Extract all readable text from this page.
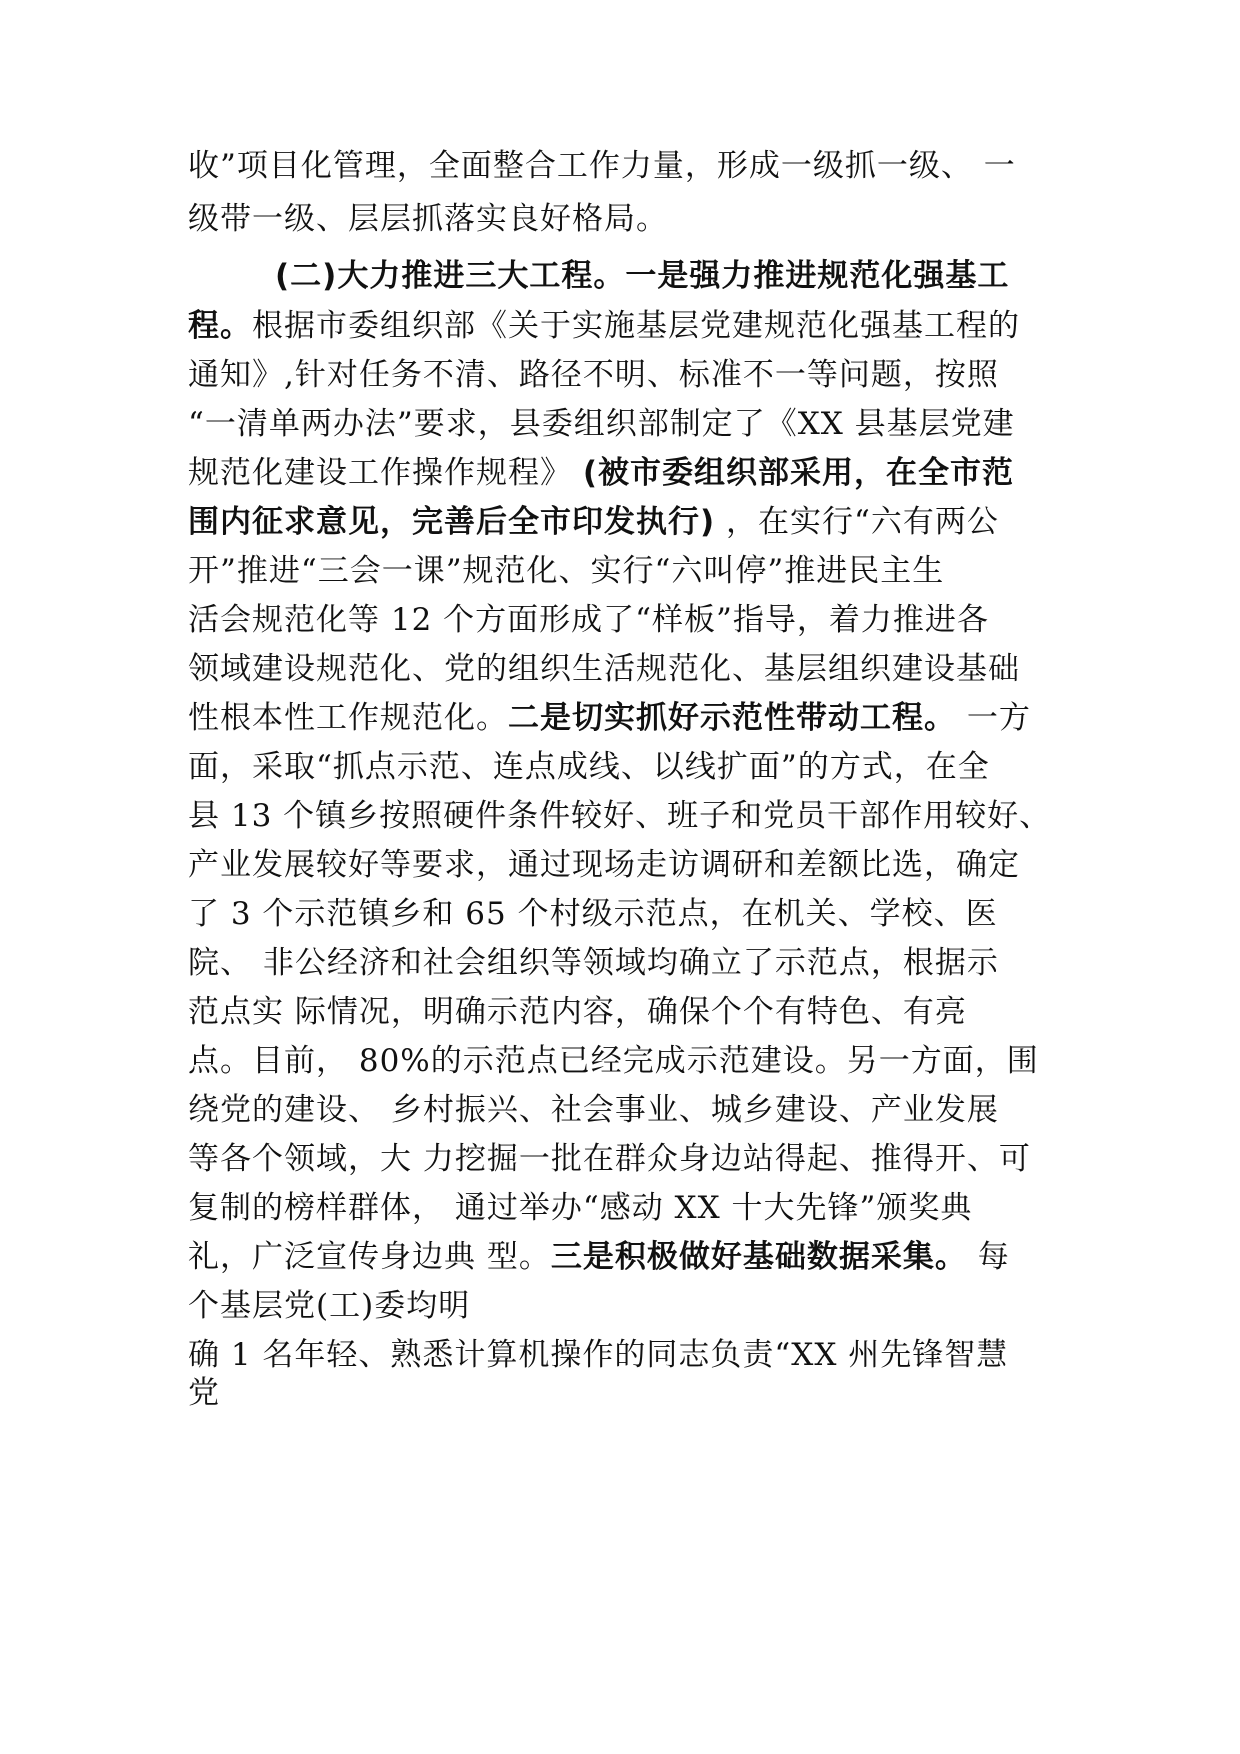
收”项目化管理，全面整合工作力量，形成一级抓一级、 一
级带一级、层层抓落实良好格局。
(二)大力推进三大工程。一是强力推进规范化强基工
程。根据市委组织部《关于实施基层党建规范化强基工程的
通知》,针对任务不清、路径不明、标准不一等问题，按照
“一清单两办法”要求，县委组织部制定了《XX 县基层党建
规范化建设工作操作规程》 (被市委组织部采用，在全市范
围内征求意见，完善后全市印发执行) ，在实行“六有两公
开”推进“三会一课”规范化、实行“六叫停”推进民主生
活会规范化等 12 个方面形成了“样板”指导，着力推进各
领域建设规范化、党的组织生活规范化、基层组织建设基础
性根本性工作规范化。二是切实抓好示范性带动工程。 一方
面，采取“抓点示范、连点成线、以线扩面”的方式，在全
县 13 个镇乡按照硬件条件较好、班子和党员干部作用较好、
产业发展较好等要求，通过现场走访调研和差额比选，确定
了 3 个示范镇乡和 65 个村级示范点，在机关、学校、医
院、 非公经济和社会组织等领域均确立了示范点，根据示
范点实 际情况，明确示范内容，确保个个有特色、有亮
点。目前， 80%的示范点已经完成示范建设。另一方面，围
绕党的建设、 乡村振兴、社会事业、城乡建设、产业发展
等各个领域，大 力挖掘一批在群众身边站得起、推得开、可
复制的榜样群体， 通过举办“感动 XX 十大先锋”颁奖典
礼，广泛宣传身边典 型。三是积极做好基础数据采集。 每
个基层党(工)委均明
确 1 名年轻、熟悉计算机操作的同志负责“XX 州先锋智慧
党
